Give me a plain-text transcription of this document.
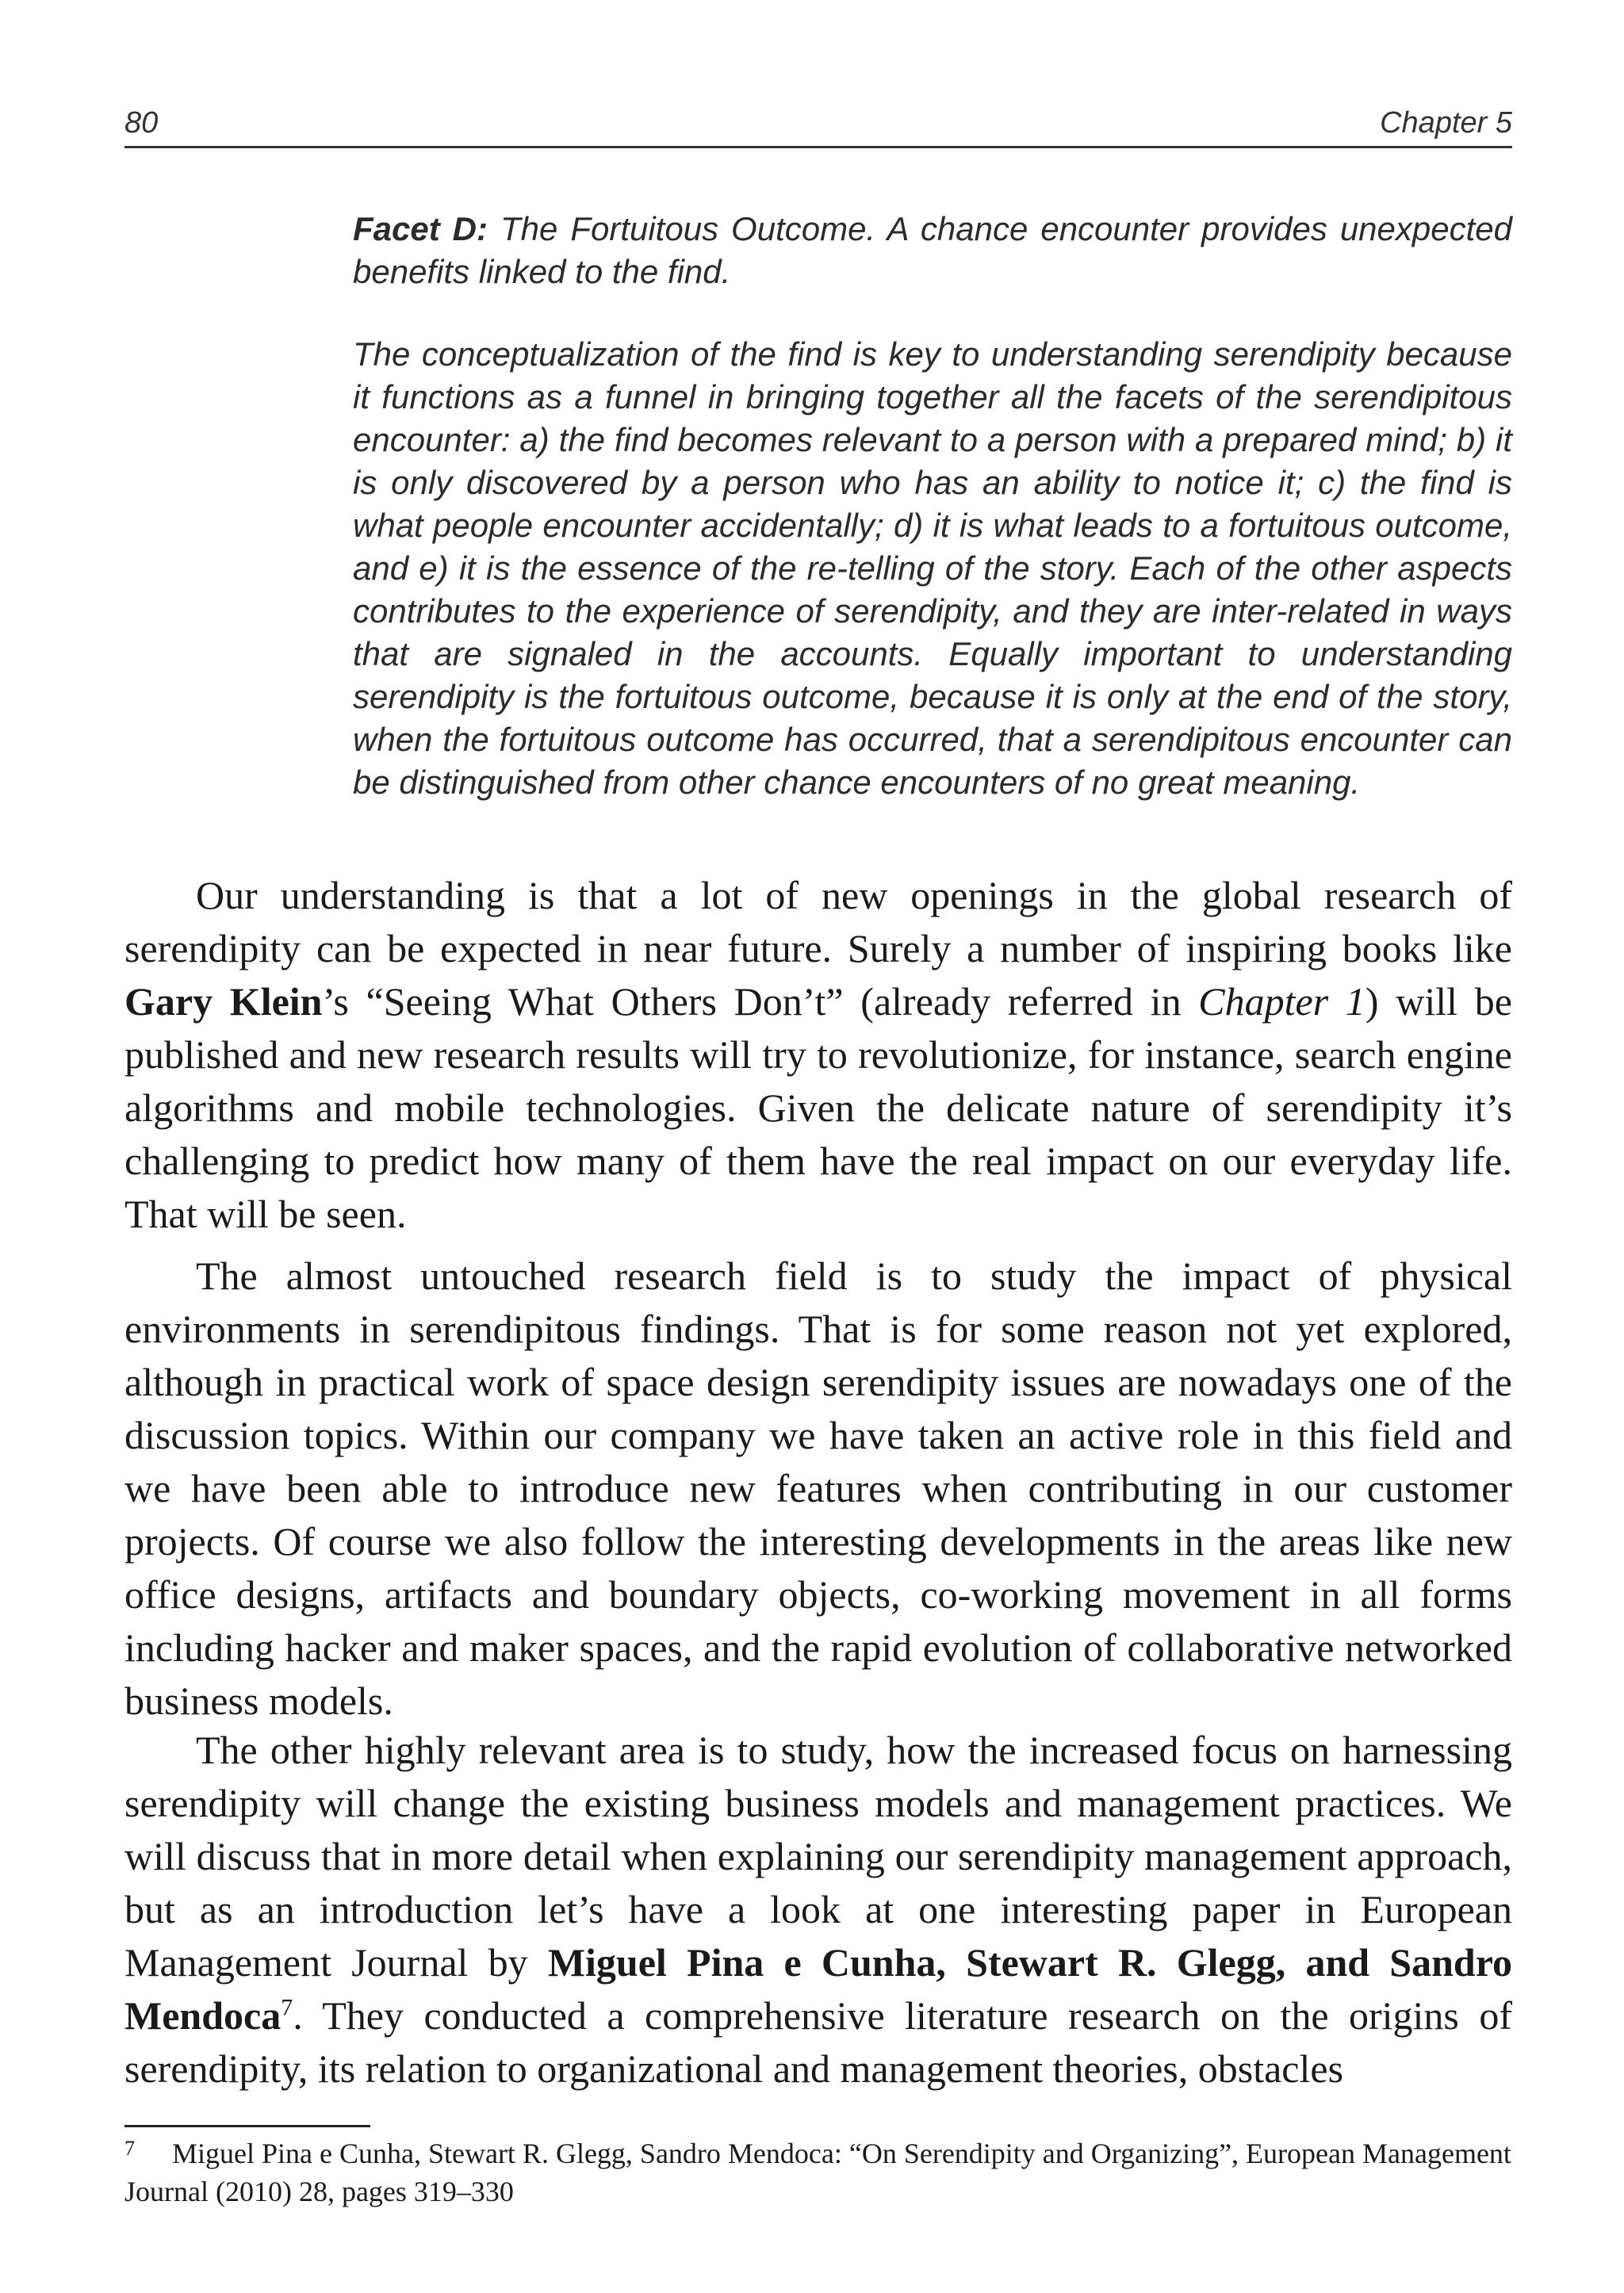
80	Chapter 5

Facet D: The Fortuitous Outcome. A chance encounter provides unexpected benefits linked to the find.

The conceptualization of the find is key to understanding serendipity because it functions as a funnel in bringing together all the facets of the serendipitous encounter: a) the find becomes relevant to a person with a prepared mind; b) it is only discovered by a person who has an ability to notice it; c) the find is what people encounter accidentally; d) it is what leads to a fortuitous outcome, and e) it is the essence of the re-telling of the story. Each of the other aspects contributes to the experience of serendipity, and they are inter-related in ways that are signaled in the accounts. Equally important to understanding serendipity is the fortuitous outcome, because it is only at the end of the story, when the fortuitous outcome has occurred, that a serendipitous encounter can be distinguished from other chance encounters of no great meaning.

Our understanding is that a lot of new openings in the global research of serendipity can be expected in near future. Surely a number of inspiring books like Gary Klein’s “Seeing What Others Don’t” (already referred in Chapter 1) will be published and new research results will try to revolutionize, for instance, search engine algorithms and mobile technologies. Given the delicate nature of serendipity it’s challenging to predict how many of them have the real impact on our everyday life. That will be seen.

The almost untouched research field is to study the impact of physical environments in serendipitous findings. That is for some reason not yet explored, although in practical work of space design serendipity issues are nowadays one of the discussion topics. Within our company we have taken an active role in this field and we have been able to introduce new features when contributing in our customer projects. Of course we also follow the interesting developments in the areas like new office designs, artifacts and boundary objects, co-working movement in all forms including hacker and maker spaces, and the rapid evolution of collaborative networked business models.

The other highly relevant area is to study, how the increased focus on harnessing serendipity will change the existing business models and management practices. We will discuss that in more detail when explaining our serendipity management approach, but as an introduction let’s have a look at one interesting paper in European Management Journal by Miguel Pina e Cunha, Stewart R. Glegg, and Sandro Mendoca$^7$. They conducted a comprehensive literature research on the origins of serendipity, its relation to organizational and management theories, obstacles

7 Miguel Pina e Cunha, Stewart R. Glegg, Sandro Mendoca: “On Serendipity and Organizing”, European Management Journal (2010) 28, pages 319–330
